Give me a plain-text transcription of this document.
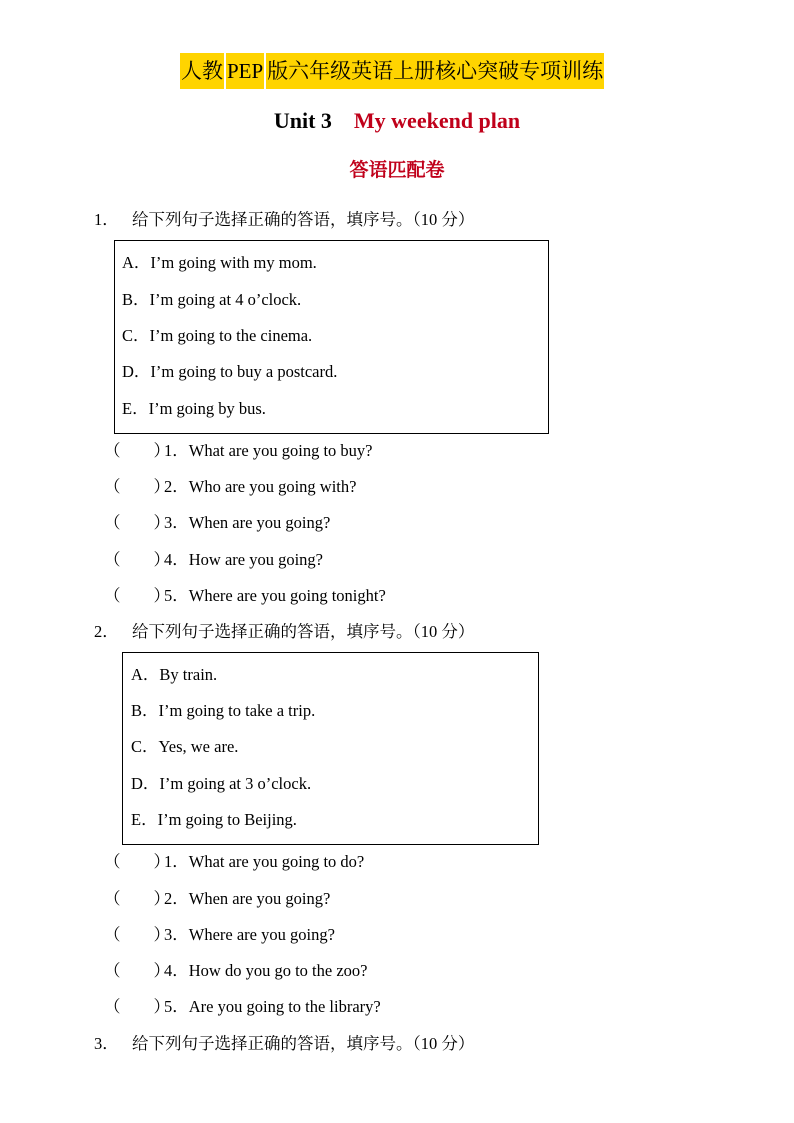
人教 PEP 版六年级英语上册核心突破专项训练
Unit 3 My weekend plan
答语匹配卷
1． 给下列句子选择正确的答语，填序号。（10 分）
A．I’m going with my mom.
B．I’m going at 4 o’clock.
C．I’m going to the cinema.
D．I’m going to buy a postcard.
E．I’m going by bus.
（　　）1．What are you going to buy?
（　　）2．Who are you going with?
（　　）3．When are you going?
（　　）4．How are you going?
（　　）5．Where are you going tonight?
2． 给下列句子选择正确的答语，填序号。（10 分）
A．By train.
B．I’m going to take a trip.
C．Yes, we are.
D．I’m going at 3 o’clock.
E．I’m going to Beijing.
（　　）1．What are you going to do?
（　　）2．When are you going?
（　　）3．Where are you going?
（　　）4．How do you go to the zoo?
（　　）5．Are you going to the library?
3． 给下列句子选择正确的答语，填序号。（10 分）
